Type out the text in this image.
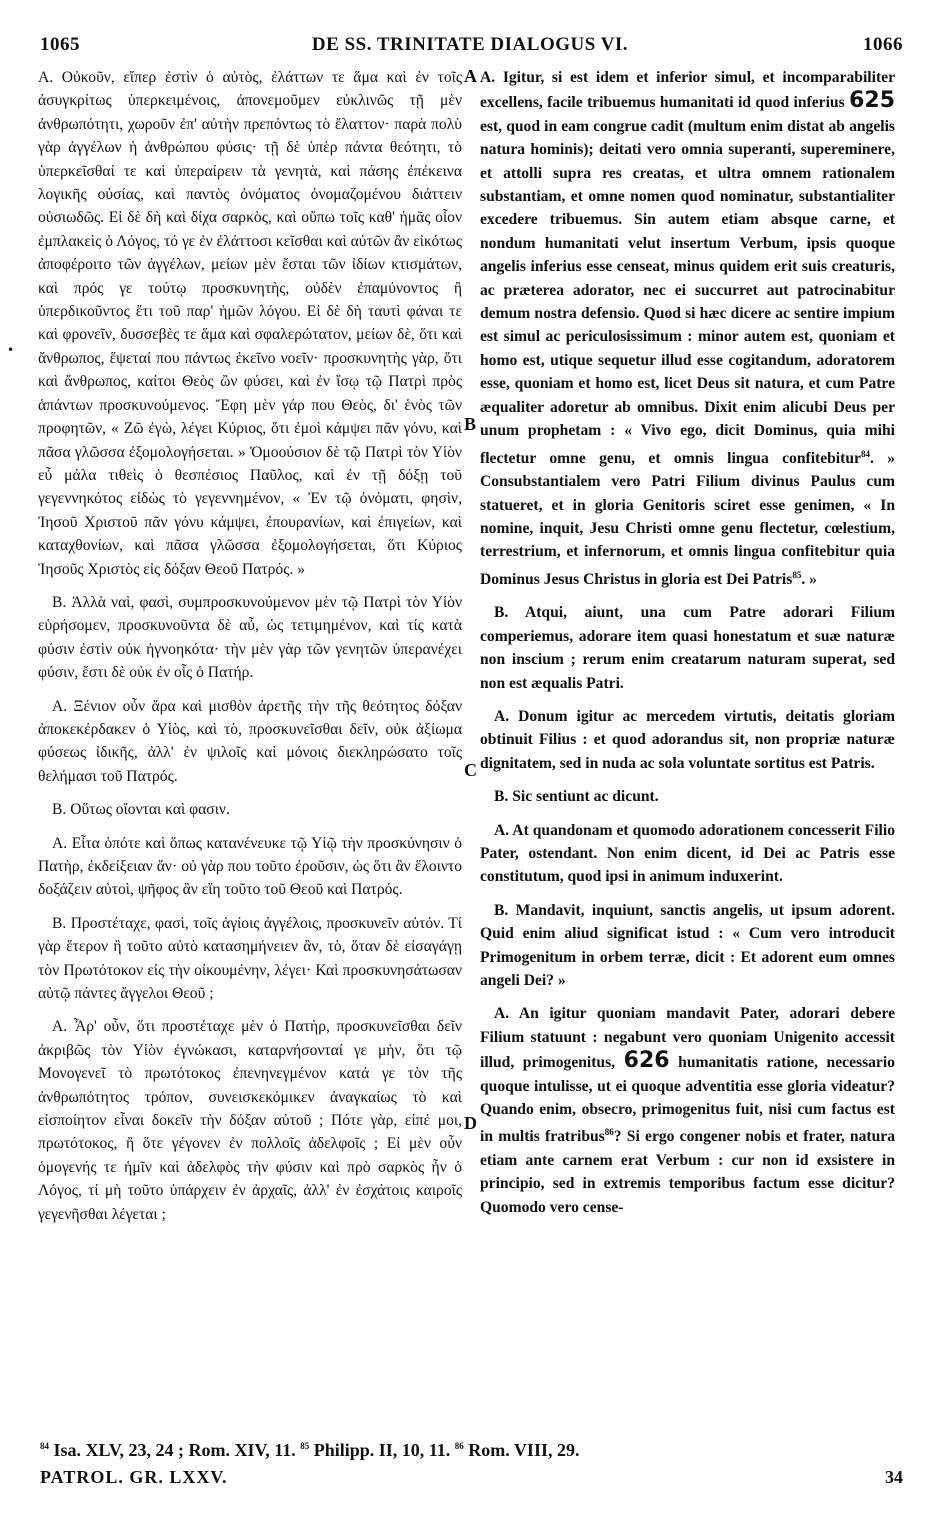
1065	DE SS. TRINITATE DIALOGUS VI.	1066
•
A
B
C
D

Α. Οὐκοῦν, εἴπερ ἐστὶν ὁ αὐτὸς, ἐλάττων τε ἅμα καὶ ἐν τοῖς ἀσυγκρίτως ὑπερκειμένοις, ἀπονεμοῦμεν εὐκλινῶς τῇ μὲν ἀνθρωπότητι, χωροῦν ἐπ' αὐτὴν πρεπόντως τὸ ἔλαττον· παρὰ πολὺ γὰρ ἀγγέλων ἡ ἀνθρώπου φύσις· τῇ δὲ ὑπὲρ πάντα θεότητι, τὸ ὑπερκεῖσθαί τε καὶ ὑπεραίρειν τὰ γενητὰ, καὶ πάσης ἐπέκεινα λογικῆς οὐσίας, καὶ παντὸς ὀνόματος ὀνομαζομένου διάττειν οὐσιωδῶς. Εἰ δὲ δὴ καὶ δίχα σαρκὸς, καὶ οὔπω τοῖς καθ' ἡμᾶς οἷον ἐμπλακεὶς ὁ Λόγος, τό γε ἐν ἐλάττοσι κεῖσθαι καὶ αὐτῶν ἂν εἰκότως ἀποφέροιτο τῶν ἀγγέλων, μείων μὲν ἔσται τῶν ἰδίων κτισμάτων, καὶ πρός γε τούτῳ προσκυνητὴς, οὐδὲν ἐπαμύνοντος ἢ ὑπερδικοῦντος ἔτι τοῦ παρ' ἡμῶν λόγου. Εἰ δὲ δὴ ταυτὶ φάναι τε καὶ φρονεῖν, δυσσεβὲς τε ἅμα καὶ σφαλερώτατον, μείων δὲ, ὅτι καὶ ἄνθρωπος, ἕψεταί που πάντως ἐκεῖνο νοεῖν· προσκυνητὴς γὰρ, ὅτι καὶ ἄνθρωπος, καίτοι Θεὸς ὢν φύσει, καὶ ἐν ἴσῳ τῷ Πατρὶ πρὸς ἁπάντων προσκυνούμενος. Ἔφη μὲν γάρ που Θεὸς, δι' ἑνὸς τῶν προφητῶν, « Ζῶ ἐγὼ, λέγει Κύριος, ὅτι ἐμοὶ κάμψει πᾶν γόνυ, καὶ πᾶσα γλῶσσα ἐξομολογήσεται. » Ὁμοούσιον δὲ τῷ Πατρὶ τὸν Υἱὸν εὖ μάλα τιθεὶς ὁ θεσπέσιος Παῦλος, καὶ ἐν τῇ δόξῃ τοῦ γεγεννηκότος εἰδὼς τὸ γεγεννημένον, « Ἐν τῷ ὀνόματι, φησὶν, Ἰησοῦ Χριστοῦ πᾶν γόνυ κάμψει, ἐπουρανίων, καὶ ἐπιγείων, καὶ καταχθονίων, καὶ πᾶσα γλῶσσα ἐξομολογήσεται, ὅτι Κύριος Ἰησοῦς Χριστὸς εἰς δόξαν Θεοῦ Πατρός. »

Β. Ἀλλὰ ναὶ, φασὶ, συμπροσκυνούμενον μὲν τῷ Πατρὶ τὸν Υἱὸν εὑρήσομεν, προσκυνοῦντα δὲ αὖ, ὡς τετιμημένον, καὶ τίς κατὰ φύσιν ἐστὶν οὐκ ἠγνοηκότα· τὴν μὲν γὰρ τῶν γενητῶν ὑπερανέχει φύσιν, ἔστι δὲ οὐκ ἐν οἷς ὁ Πατήρ.

Α. Ξένιον οὖν ἄρα καὶ μισθὸν ἀρετῆς τὴν τῆς θεότητος δόξαν ἀποκεκέρδακεν ὁ Υἱὸς, καὶ τὸ, προσκυνεῖσθαι δεῖν, οὐκ ἀξίωμα φύσεως ἰδικῆς, ἀλλ' ἐν ψιλοῖς καὶ μόνοις διεκληρώσατο τοῖς θελήμασι τοῦ Πατρός.

Β. Οὕτως οἴονται καὶ φασιν.

Α. Εἶτα ὁπότε καὶ ὅπως κατανένευκε τῷ Υἱῷ τὴν προσκύνησιν ὁ Πατὴρ, ἐκδείξειαν ἄν· οὐ γὰρ που τοῦτο ἐροῦσιν, ὡς ὅτι ἂν ἕλοιντο δοξάζειν αὐτοὶ, ψῆφος ἂν εἴη τοῦτο τοῦ Θεοῦ καὶ Πατρός.

Β. Προστέταχε, φασὶ, τοῖς ἁγίοις ἀγγέλοις, προσκυνεῖν αὐτόν. Τί γὰρ ἕτερον ἢ τοῦτο αὐτὸ κατασημήνειεν ἂν, τὸ, ὅταν δὲ εἰσαγάγῃ τὸν Πρωτότοκον εἰς τὴν οἰκουμένην, λέγει· Καὶ προσκυνησάτωσαν αὐτῷ πάντες ἄγγελοι Θεοῦ ;

Α. Ἆρ' οὖν, ὅτι προστέταχε μὲν ὁ Πατὴρ, προσκυνεῖσθαι δεῖν ἀκριβῶς τὸν Υἱὸν ἐγνώκασι, καταρνήσονταί γε μὴν, ὅτι τῷ Μονογενεῖ τὸ πρωτότοκος ἐπενηνεγμένον κατά γε τὸν τῆς ἀνθρωπότητος τρόπον, συνεισκεκόμικεν ἀναγκαίως τὸ καὶ εἰσποίητον εἶναι δοκεῖν τὴν δόξαν αὐτοῦ ; Πότε γὰρ, εἰπέ μοι, πρωτότοκος, ἢ ὅτε γέγονεν ἐν πολλοῖς ἀδελφοῖς ; Εἰ μὲν οὖν ὁμογενής τε ἡμῖν καὶ ἀδελφὸς τὴν φύσιν καὶ πρὸ σαρκὸς ἦν ὁ Λόγος, τί μὴ τοῦτο ὑπάρχειν ἐν ἀρχαῖς, ἀλλ' ἐν ἐσχάτοις καιροῖς γεγενῆσθαι λέγεται ;

A. Igitur, si est idem et inferior simul, et incomparabiliter excellens, facile tribuemus humanitati id quod inferius 625 est, quod in eam congrue cadit (multum enim distat ab angelis natura hominis); deitati vero omnia superanti, supereminere, et attolli supra res creatas, et ultra omnem rationalem substantiam, et omne nomen quod nominatur, substantialiter excedere tribuemus. Sin autem etiam absque carne, et nondum humanitati velut insertum Verbum, ipsis quoque angelis inferius esse censeat, minus quidem erit suis creaturis, ac præterea adorator, nec ei succurret aut patrocinabitur demum nostra defensio. Quod si hæc dicere ac sentire impium est simul ac periculosissimum : minor autem est, quoniam et homo est, utique sequetur illud esse cogitandum, adoratorem esse, quoniam et homo est, licet Deus sit natura, et cum Patre æqualiter adoretur ab omnibus. Dixit enim alicubi Deus per unum prophetam : « Vivo ego, dicit Dominus, quia mihi flectetur omne genu, et omnis lingua confitebitur$^{84}$. » Consubstantialem vero Patri Filium divinus Paulus cum statueret, et in gloria Genitoris sciret esse genimen, « In nomine, inquit, Jesu Christi omne genu flectetur, cœlestium, terrestrium, et infernorum, et omnis lingua confitebitur quia Dominus Jesus Christus in gloria est Dei Patris$^{85}$. »

B. Atqui, aiunt, una cum Patre adorari Filium comperiemus, adorare item quasi honestatum et suæ naturæ non inscium ; rerum enim creatarum naturam superat, sed non est æqualis Patri.

A. Donum igitur ac mercedem virtutis, deitatis gloriam obtinuit Filius : et quod adorandus sit, non propriæ naturæ dignitatem, sed in nuda ac sola voluntate sortitus est Patris.

B. Sic sentiunt ac dicunt.

A. At quandonam et quomodo adorationem concesserit Filio Pater, ostendant. Non enim dicent, id Dei ac Patris esse constitutum, quod ipsi in animum induxerint.

B. Mandavit, inquiunt, sanctis angelis, ut ipsum adorent. Quid enim aliud significat istud : « Cum vero introducit Primogenitum in orbem terræ, dicit : Et adorent eum omnes angeli Dei? »

A. An igitur quoniam mandavit Pater, adorari debere Filium statuunt : negabunt vero quoniam Unigenito accessit illud, primogenitus, 626 humanitatis ratione, necessario quoque intulisse, ut ei quoque adventitia esse gloria videatur? Quando enim, obsecro, primogenitus fuit, nisi cum factus est in multis fratribus$^{86}$? Si ergo congener nobis et frater, natura etiam ante carnem erat Verbum : cur non id exsistere in principio, sed in extremis temporibus factum esse dicitur? Quomodo vero cense-

$^{84}$ Isa. XLV, 23, 24 ; Rom. XIV, 11. $^{85}$ Philipp. II, 10, 11. $^{86}$ Rom. VIII, 29.
PATROL. GR. LXXV.	34
